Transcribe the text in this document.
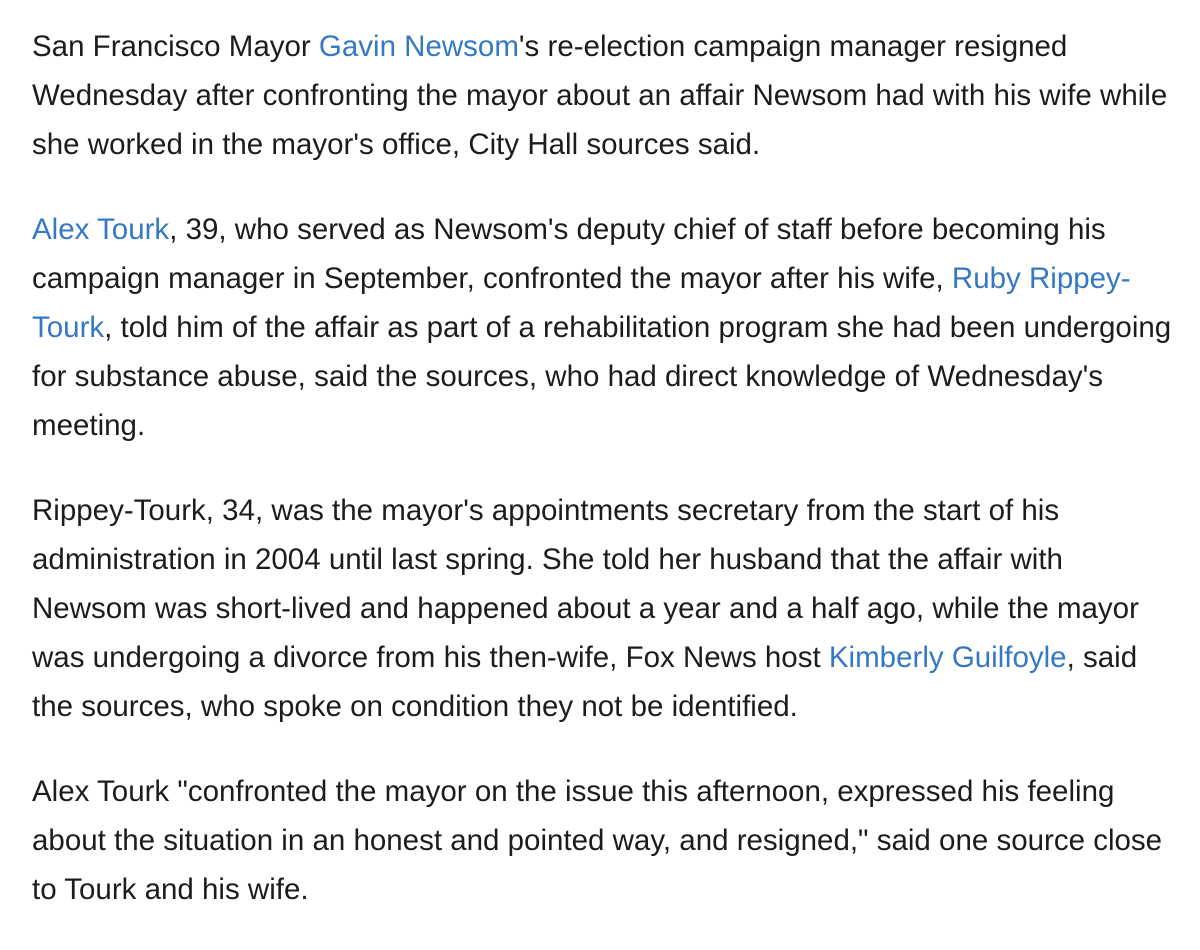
San Francisco Mayor Gavin Newsom's re-election campaign manager resigned Wednesday after confronting the mayor about an affair Newsom had with his wife while she worked in the mayor's office, City Hall sources said.

Alex Tourk, 39, who served as Newsom's deputy chief of staff before becoming his campaign manager in September, confronted the mayor after his wife, Ruby Rippey-Tourk, told him of the affair as part of a rehabilitation program she had been undergoing for substance abuse, said the sources, who had direct knowledge of Wednesday's meeting.

Rippey-Tourk, 34, was the mayor's appointments secretary from the start of his administration in 2004 until last spring. She told her husband that the affair with Newsom was short-lived and happened about a year and a half ago, while the mayor was undergoing a divorce from his then-wife, Fox News host Kimberly Guilfoyle, said the sources, who spoke on condition they not be identified.

Alex Tourk "confronted the mayor on the issue this afternoon, expressed his feeling about the situation in an honest and pointed way, and resigned," said one source close to Tourk and his wife.
